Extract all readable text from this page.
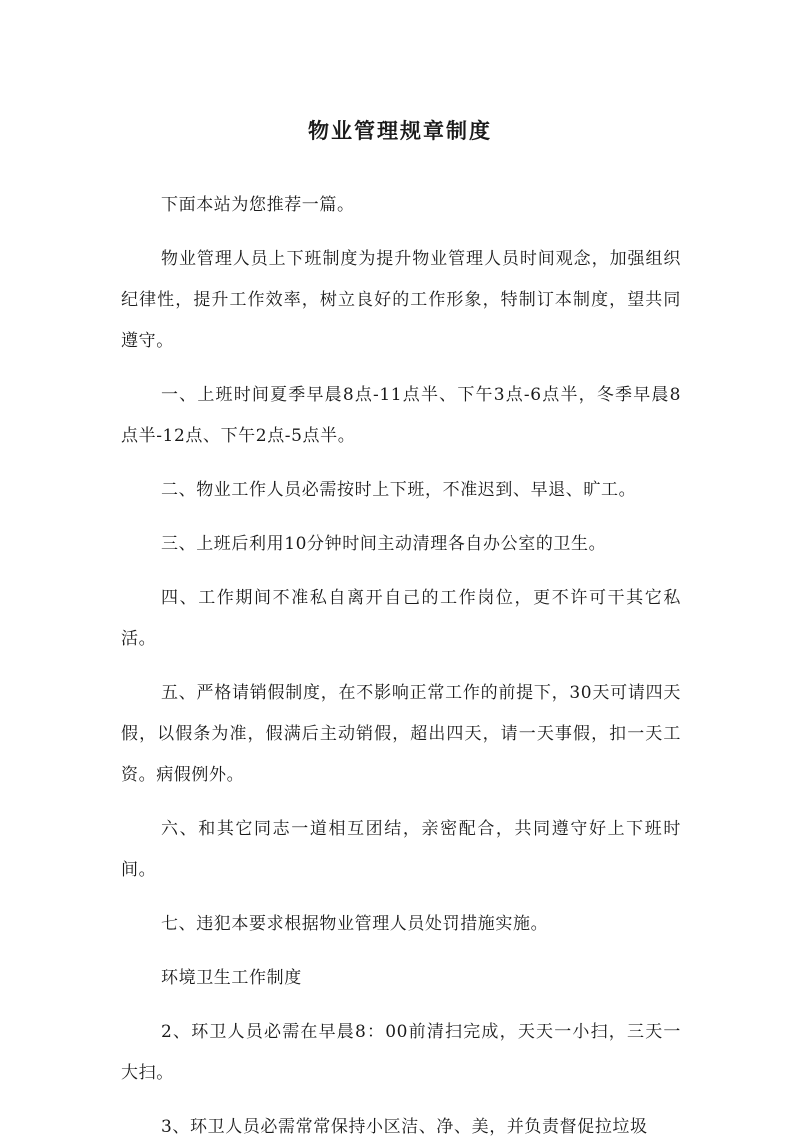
物业管理规章制度

下面本站为您推荐一篇。

物业管理人员上下班制度为提升物业管理人员时间观念，加强组织纪律性，提升工作效率，树立良好的工作形象，特制订本制度，望共同遵守。

一、上班时间夏季早晨8点-11点半、下午3点-6点半，冬季早晨8点半-12点、下午2点-5点半。

二、物业工作人员必需按时上下班，不准迟到、早退、旷工。

三、上班后利用10分钟时间主动清理各自办公室的卫生。

四、工作期间不准私自离开自己的工作岗位，更不许可干其它私活。

五、严格请销假制度，在不影响正常工作的前提下，30天可请四天假，以假条为准，假满后主动销假，超出四天，请一天事假，扣一天工资。病假例外。

六、和其它同志一道相互团结，亲密配合，共同遵守好上下班时间。

七、违犯本要求根据物业管理人员处罚措施实施。

环境卫生工作制度

2、环卫人员必需在早晨8：00前清扫完成，天天一小扫，三天一大扫。

3、环卫人员必需常常保持小区洁、净、美，并负责督促拉垃圾
